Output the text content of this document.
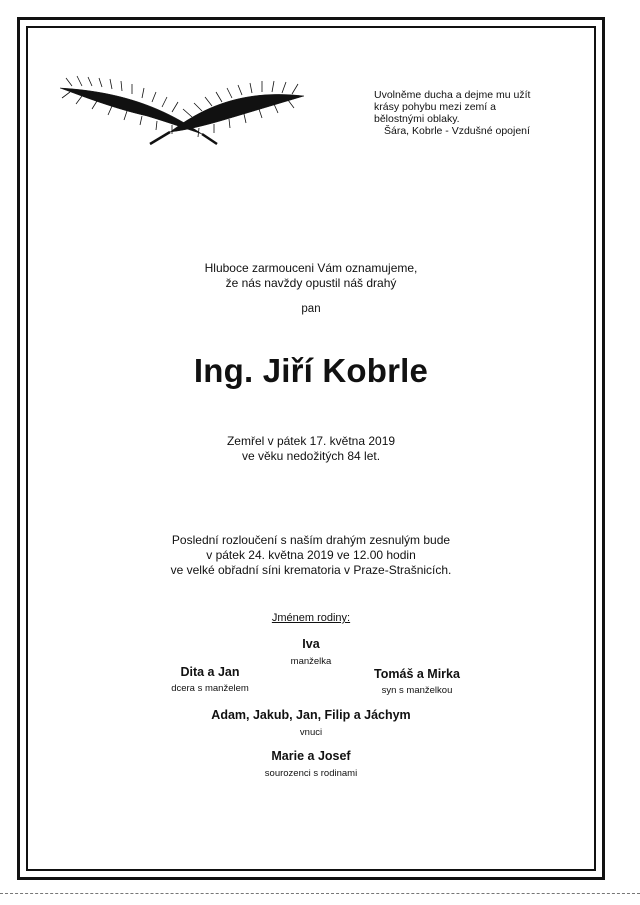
Uvolněme ducha a dejme mu užít
krásy pohybu mezi zemí a
bělostnými oblaky.
Šára, Kobrle - Vzdušné opojení
Hluboce zarmouceni Vám oznamujeme,
že nás navždy opustil náš drahý
pan
Ing. Jiří Kobrle
Zemřel v pátek 17. května 2019
ve věku nedožitých 84 let.
Poslední rozloučení s naším drahým zesnulým bude
v pátek 24. května 2019 ve 12.00 hodin
ve velké obřadní síni krematoria v Praze-Strašnicích.
Jménem rodiny:
Iva
manželka
Dita a Jan
dcera s manželem
Tomáš a Mirka
syn s manželkou
Adam, Jakub, Jan, Filip a Jáchym
vnuci
Marie a Josef
sourozenci s rodinami
